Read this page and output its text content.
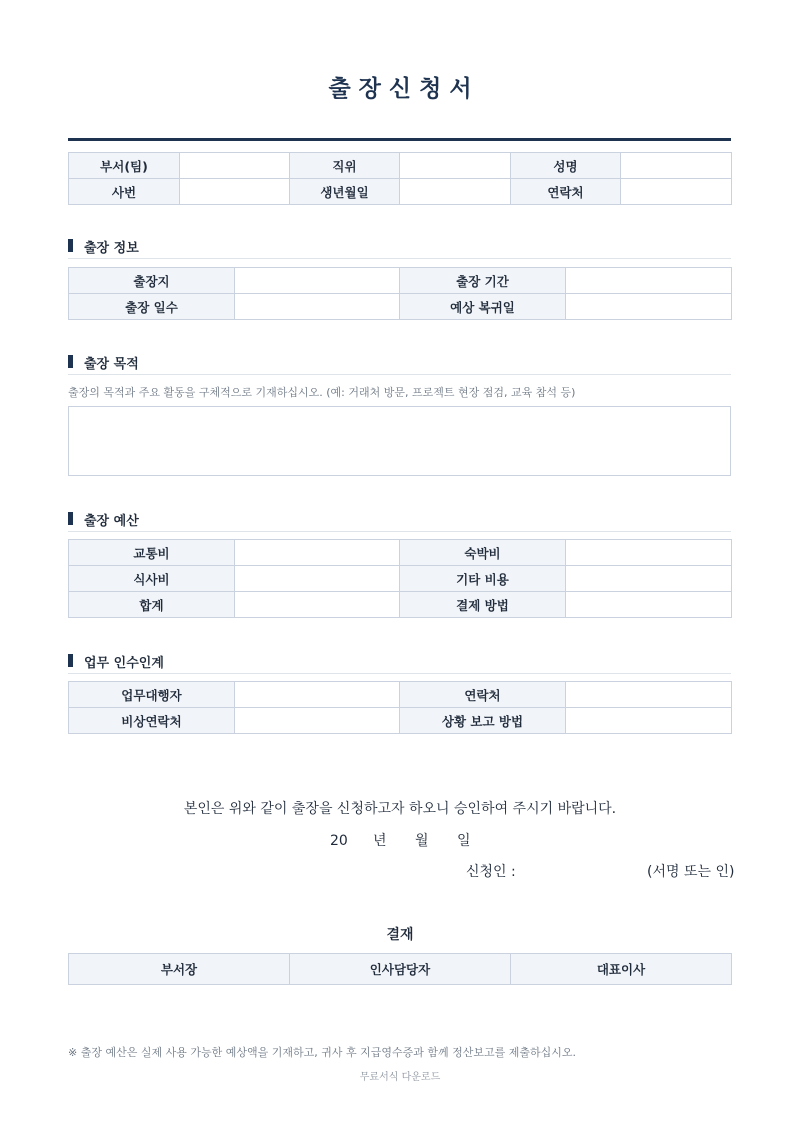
출 장 신 청 서
부서(팀)		직위		성명	
사번		생년월일		연락처	
출장 정보
출장지		출장 기간	
출장 일수		예상 복귀일	
출장 목적
출장의 목적과 주요 활동을 구체적으로 기재하십시오. (예: 거래처 방문, 프로젝트 현장 점검, 교육 참석 등)
출장 예산
교통비		숙박비	
식사비		기타 비용	
합계		결제 방법	
업무 인수인계
업무대행자		연락처	
비상연락처		상황 보고 방법	
본인은 위와 같이 출장을 신청하고자 하오니 승인하여 주시기 바랍니다.
20 년 월 일
신청인 :	(서명 또는 인)
결재
부서장	인사담당자	대표이사
※ 출장 예산은 실제 사용 가능한 예상액을 기재하고, 귀사 후 지급영수증과 함께 정산보고를 제출하십시오.
무료서식 다운로드
